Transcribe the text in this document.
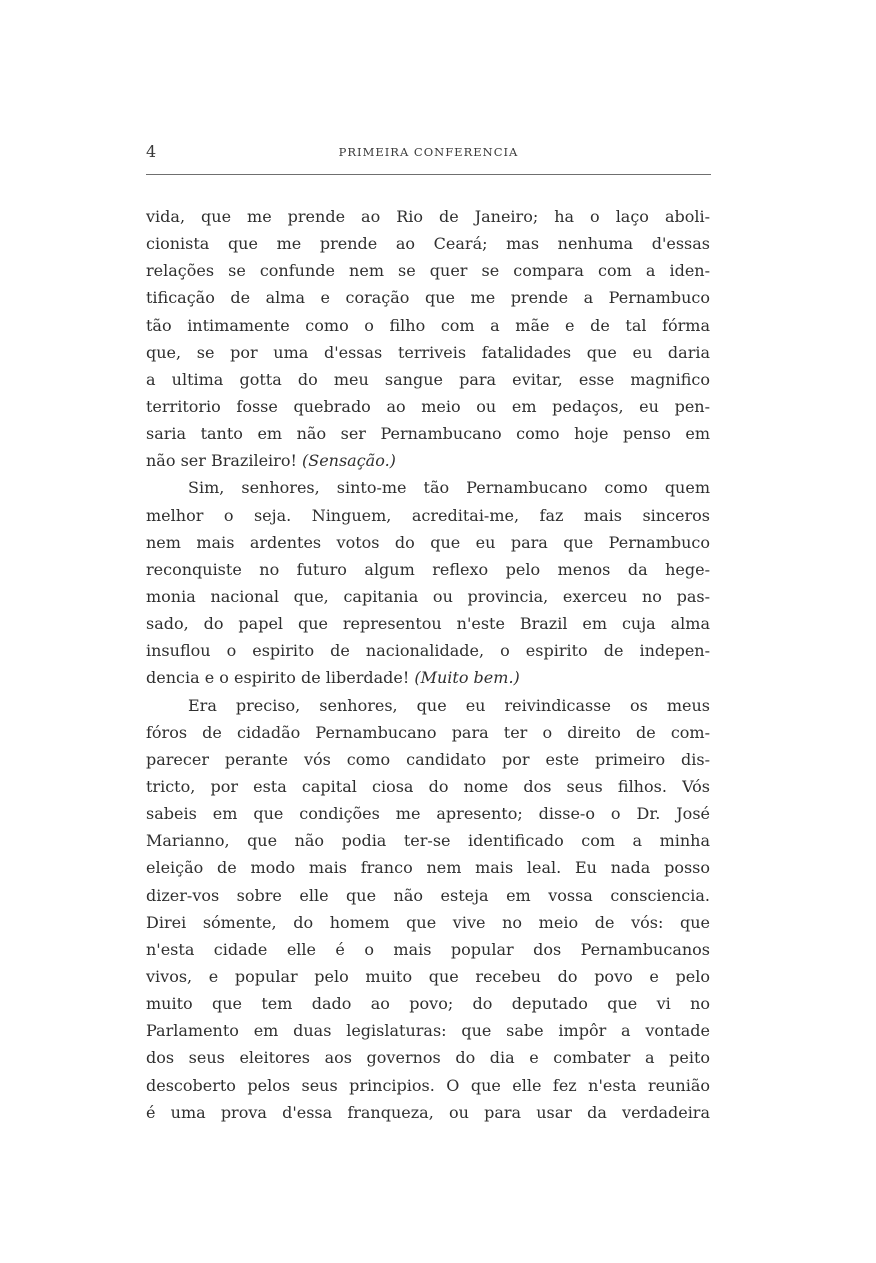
4	PRIMEIRA CONFERENCIA
vida, que me prende ao Rio de Janeiro; ha o laço aboli-
cionista que me prende ao Ceará; mas nenhuma d'essas
relações se confunde nem se quer se compara com a iden-
tificação de alma e coração que me prende a Pernambuco
tão intimamente como o filho com a mãe e de tal fórma
que, se por uma d'essas terriveis fatalidades que eu daria
a ultima gotta do meu sangue para evitar, esse magnifico
territorio fosse quebrado ao meio ou em pedaços, eu pen-
saria tanto em não ser Pernambucano como hoje penso em
não ser Brazileiro! (Sensação.)
Sim, senhores, sinto-me tão Pernambucano como quem
melhor o seja. Ninguem, acreditai-me, faz mais sinceros
nem mais ardentes votos do que eu para que Pernambuco
reconquiste no futuro algum reflexo pelo menos da hege-
monia nacional que, capitania ou provincia, exerceu no pas-
sado, do papel que representou n'este Brazil em cuja alma
insuflou o espirito de nacionalidade, o espirito de indepen-
dencia e o espirito de liberdade! (Muito bem.)
Era preciso, senhores, que eu reivindicasse os meus
fóros de cidadão Pernambucano para ter o direito de com-
parecer perante vós como candidato por este primeiro dis-
tricto, por esta capital ciosa do nome dos seus filhos. Vós
sabeis em que condições me apresento; disse-o o Dr. José
Marianno, que não podia ter-se identificado com a minha
eleição de modo mais franco nem mais leal. Eu nada posso
dizer-vos sobre elle que não esteja em vossa consciencia.
Direi sómente, do homem que vive no meio de vós: que
n'esta cidade elle é o mais popular dos Pernambucanos
vivos, e popular pelo muito que recebeu do povo e pelo
muito que tem dado ao povo; do deputado que vi no
Parlamento em duas legislaturas: que sabe impôr a vontade
dos seus eleitores aos governos do dia e combater a peito
descoberto pelos seus principios. O que elle fez n'esta reunião
é uma prova d'essa franqueza, ou para usar da verdadeira
